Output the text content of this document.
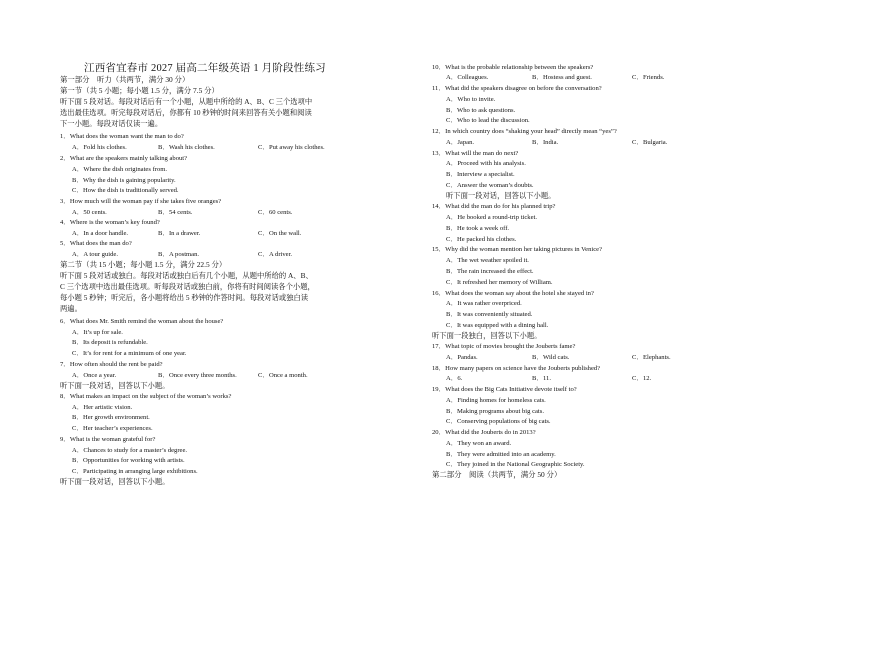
江西省宜春市 2027 届高二年级英语 1 月阶段性练习
第一部分　听力（共两节，满分 30 分）
第一节（共 5 小题；每小题 1.5 分，满分 7.5 分）
听下面 5 段对话。每段对话后有一个小题，从题中所给的 A、B、C 三个选项中
选出最佳选项。听完每段对话后，你都有 10 秒钟的时间来回答有关小题和阅读
下一小题。每段对话仅读一遍。
1．What does the woman want the man to do?
A．Fold his clothes.	B．Wash his clothes.	C．Put away his clothes.
2．What are the speakers mainly talking about?
A．Where the dish originates from.
B．Why the dish is gaining popularity.
C．How the dish is traditionally served.
3．How much will the woman pay if she takes five oranges?
A．50 cents.	B．54 cents.	C．60 cents.
4．Where is the woman’s key found?
A．In a door handle.	B．In a drawer.	C．On the wall.
5．What does the man do?
A．A tour guide.	B．A postman.	C．A driver.
第二节（共 15 小题；每小题 1.5 分，满分 22.5 分）
听下面 5 段对话或独白。每段对话或独白后有几个小题，从题中所给的 A、B、
C 三个选项中选出最佳选项。听每段对话或独白前，你将有时间阅读各个小题，
每小题 5 秒钟；听完后，各小题将给出 5 秒钟的作答时间。每段对话或独白读
两遍。
6．What does Mr. Smith remind the woman about the house?
A．It’s up for sale.
B．Its deposit is refundable.
C．It’s for rent for a minimum of one year.
7．How often should the rent be paid?
A．Once a year.	B．Once every three months.	C．Once a month.
听下面一段对话，回答以下小题。
8．What makes an impact on the subject of the woman’s works?
A．Her artistic vision.
B．Her growth environment.
C．Her teacher’s experiences.
9．What is the woman grateful for?
A．Chances to study for a master’s degree.
B．Opportunities for working with artists.
C．Participating in arranging large exhibitions.
听下面一段对话，回答以下小题。
10．What is the probable relationship between the speakers?
A．Colleagues.	B．Hostess and guest.	C．Friends.
11．What did the speakers disagree on before the conversation?
A．Who to invite.
B．Who to ask questions.
C．Who to lead the discussion.
12．In which country does “shaking your head” directly mean “yes”?
A．Japan.	B．India.	C．Bulgaria.
13．What will the man do next?
A．Proceed with his analysis.
B．Interview a specialist.
C．Answer the woman’s doubts.
听下面一段对话，回答以下小题。
14．What did the man do for his planned trip?
A．He booked a round-trip ticket.
B．He took a week off.
C．He packed his clothes.
15．Why did the woman mention her taking pictures in Venice?
A．The wet weather spoiled it.
B．The rain increased the effect.
C．It refreshed her memory of William.
16．What does the woman say about the hotel she stayed in?
A．It was rather overpriced.
B．It was conveniently situated.
C．It was equipped with a dining hall.
听下面一段独白，回答以下小题。
17．What topic of movies brought the Jouberts fame?
A．Pandas.	B．Wild cats.	C．Elephants.
18．How many papers on science have the Jouberts published?
A．6.	B．11.	C．12.
19．What does the Big Cats Initiative devote itself to?
A．Finding homes for homeless cats.
B．Making programs about big cats.
C．Conserving populations of big cats.
20．What did the Jouberts do in 2013?
A．They won an award.
B．They were admitted into an academy.
C．They joined in the National Geographic Society.
第二部分　阅读（共两节，满分 50 分）
